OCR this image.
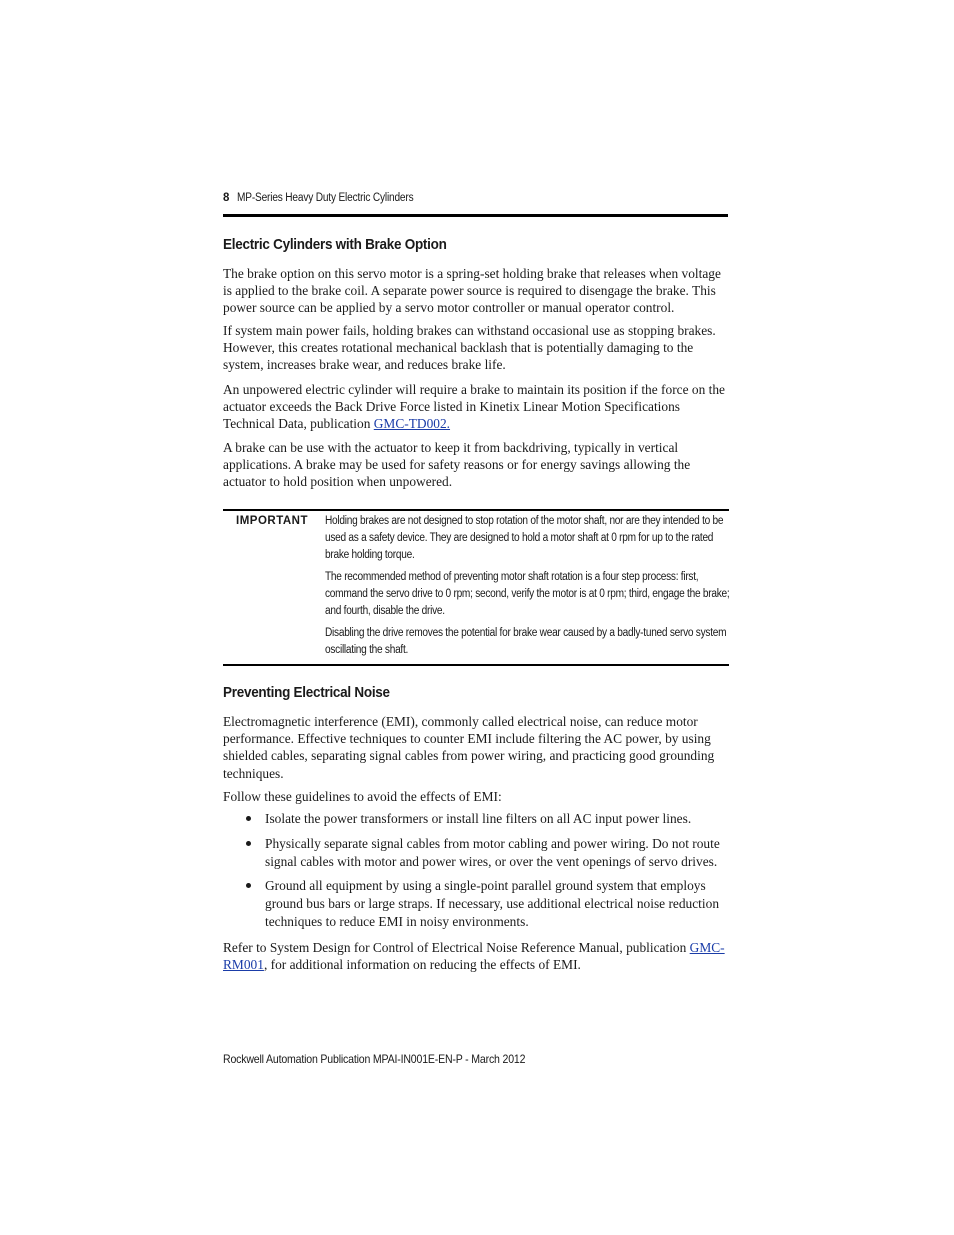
8 MP-Series Heavy Duty Electric Cylinders
Electric Cylinders with Brake Option

The brake option on this servo motor is a spring-set holding brake that releases when voltage is applied to the brake coil. A separate power source is required to disengage the brake. This power source can be applied by a servo motor controller or manual operator control.

If system main power fails, holding brakes can withstand occasional use as stopping brakes. However, this creates rotational mechanical backlash that is potentially damaging to the system, increases brake wear, and reduces brake life.

An unpowered electric cylinder will require a brake to maintain its position if the force on the actuator exceeds the Back Drive Force listed in Kinetix Linear Motion Specifications Technical Data, publication GMC-TD002.

A brake can be use with the actuator to keep it from backdriving, typically in vertical applications. A brake may be used for safety reasons or for energy savings allowing the actuator to hold position when unpowered.

IMPORTANT Holding brakes are not designed to stop rotation of the motor shaft, nor are they intended to be used as a safety device. They are designed to hold a motor shaft at 0 rpm for up to the rated brake holding torque.

The recommended method of preventing motor shaft rotation is a four step process: first, command the servo drive to 0 rpm; second, verify the motor is at 0 rpm; third, engage the brake; and fourth, disable the drive.

Disabling the drive removes the potential for brake wear caused by a badly-tuned servo system oscillating the shaft.

Preventing Electrical Noise

Electromagnetic interference (EMI), commonly called electrical noise, can reduce motor performance. Effective techniques to counter EMI include filtering the AC power, by using shielded cables, separating signal cables from power wiring, and practicing good grounding techniques.

Follow these guidelines to avoid the effects of EMI:

Isolate the power transformers or install line filters on all AC input power lines.
Physically separate signal cables from motor cabling and power wiring. Do not route signal cables with motor and power wires, or over the vent openings of servo drives.
Ground all equipment by using a single-point parallel ground system that employs ground bus bars or large straps. If necessary, use additional electrical noise reduction techniques to reduce EMI in noisy environments.

Refer to System Design for Control of Electrical Noise Reference Manual, publication GMC-RM001, for additional information on reducing the effects of EMI.

Rockwell Automation Publication MPAI-IN001E-EN-P - March 2012
